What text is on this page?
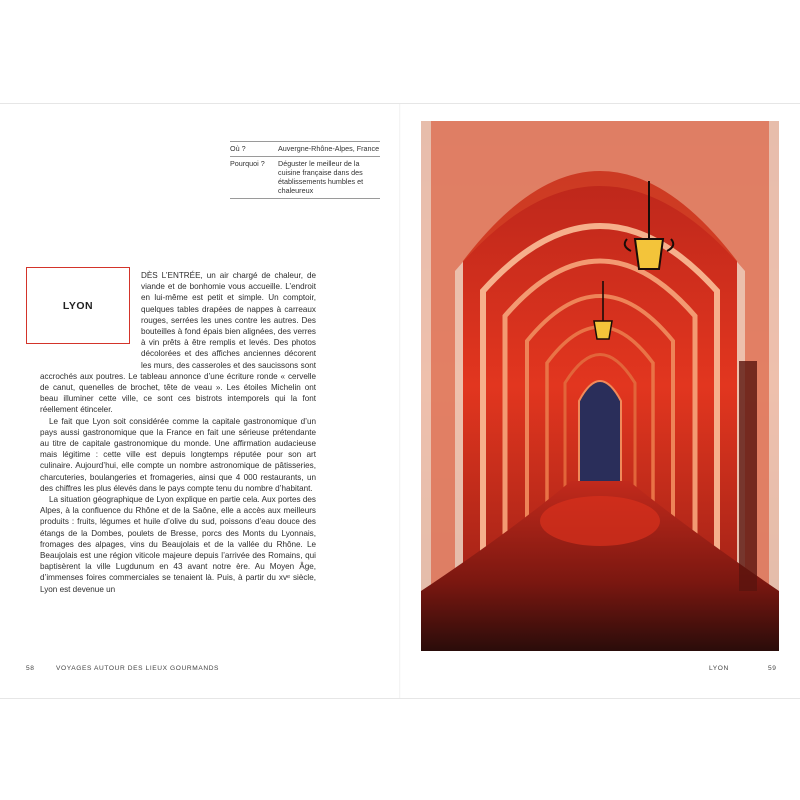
Où ?	Auvergne-Rhône-Alpes, France
Pourquoi ?	Déguster le meilleur de la cuisine française dans des établissements humbles et chaleureux
LYON

DÈS L’ENTRÉE, un air chargé de chaleur, de viande et de bonhomie vous accueille. L’endroit en lui-même est petit et simple. Un comptoir, quelques tables drapées de nappes à carreaux rouges, serrées les unes contre les autres. Des bouteilles à fond épais bien alignées, des verres à vin prêts à être remplis et levés. Des photos décolorées et des affiches anciennes décorent les murs, des casseroles et des saucissons sont accrochés aux poutres. Le tableau annonce d’une écriture ronde « cervelle de canut, quenelles de brochet, tête de veau ». Les étoiles Michelin ont beau illuminer cette ville, ce sont ces bistrots intemporels qui la font réellement étinceler.

Le fait que Lyon soit considérée comme la capitale gastronomique d’un pays aussi gastronomique que la France en fait une sérieuse prétendante au titre de capitale gastronomique du monde. Une affirmation audacieuse mais légitime : cette ville est depuis longtemps réputée pour son art culinaire. Aujourd’hui, elle compte un nombre astronomique de pâtisseries, charcuteries, boulangeries et fromageries, ainsi que 4 000 restaurants, un des chiffres les plus élevés dans le pays compte tenu du nombre d’habitant.

La situation géographique de Lyon explique en partie cela. Aux portes des Alpes, à la confluence du Rhône et de la Saône, elle a accès aux meilleurs produits : fruits, légumes et huile d’olive du sud, poissons d’eau douce des étangs de la Dombes, poulets de Bresse, porcs des Monts du Lyonnais, fromages des alpages, vins du Beaujolais et de la vallée du Rhône. Le Beaujolais est une région viticole majeure depuis l’arrivée des Romains, qui baptisèrent la ville Lugdunum en 43 avant notre ère. Au Moyen Âge, d’immenses foires commerciales se tenaient là. Puis, à partir du xvᵉ siècle, Lyon est devenue un

58	VOYAGES AUTOUR DES LIEUX GOURMANDS	LYON	59
